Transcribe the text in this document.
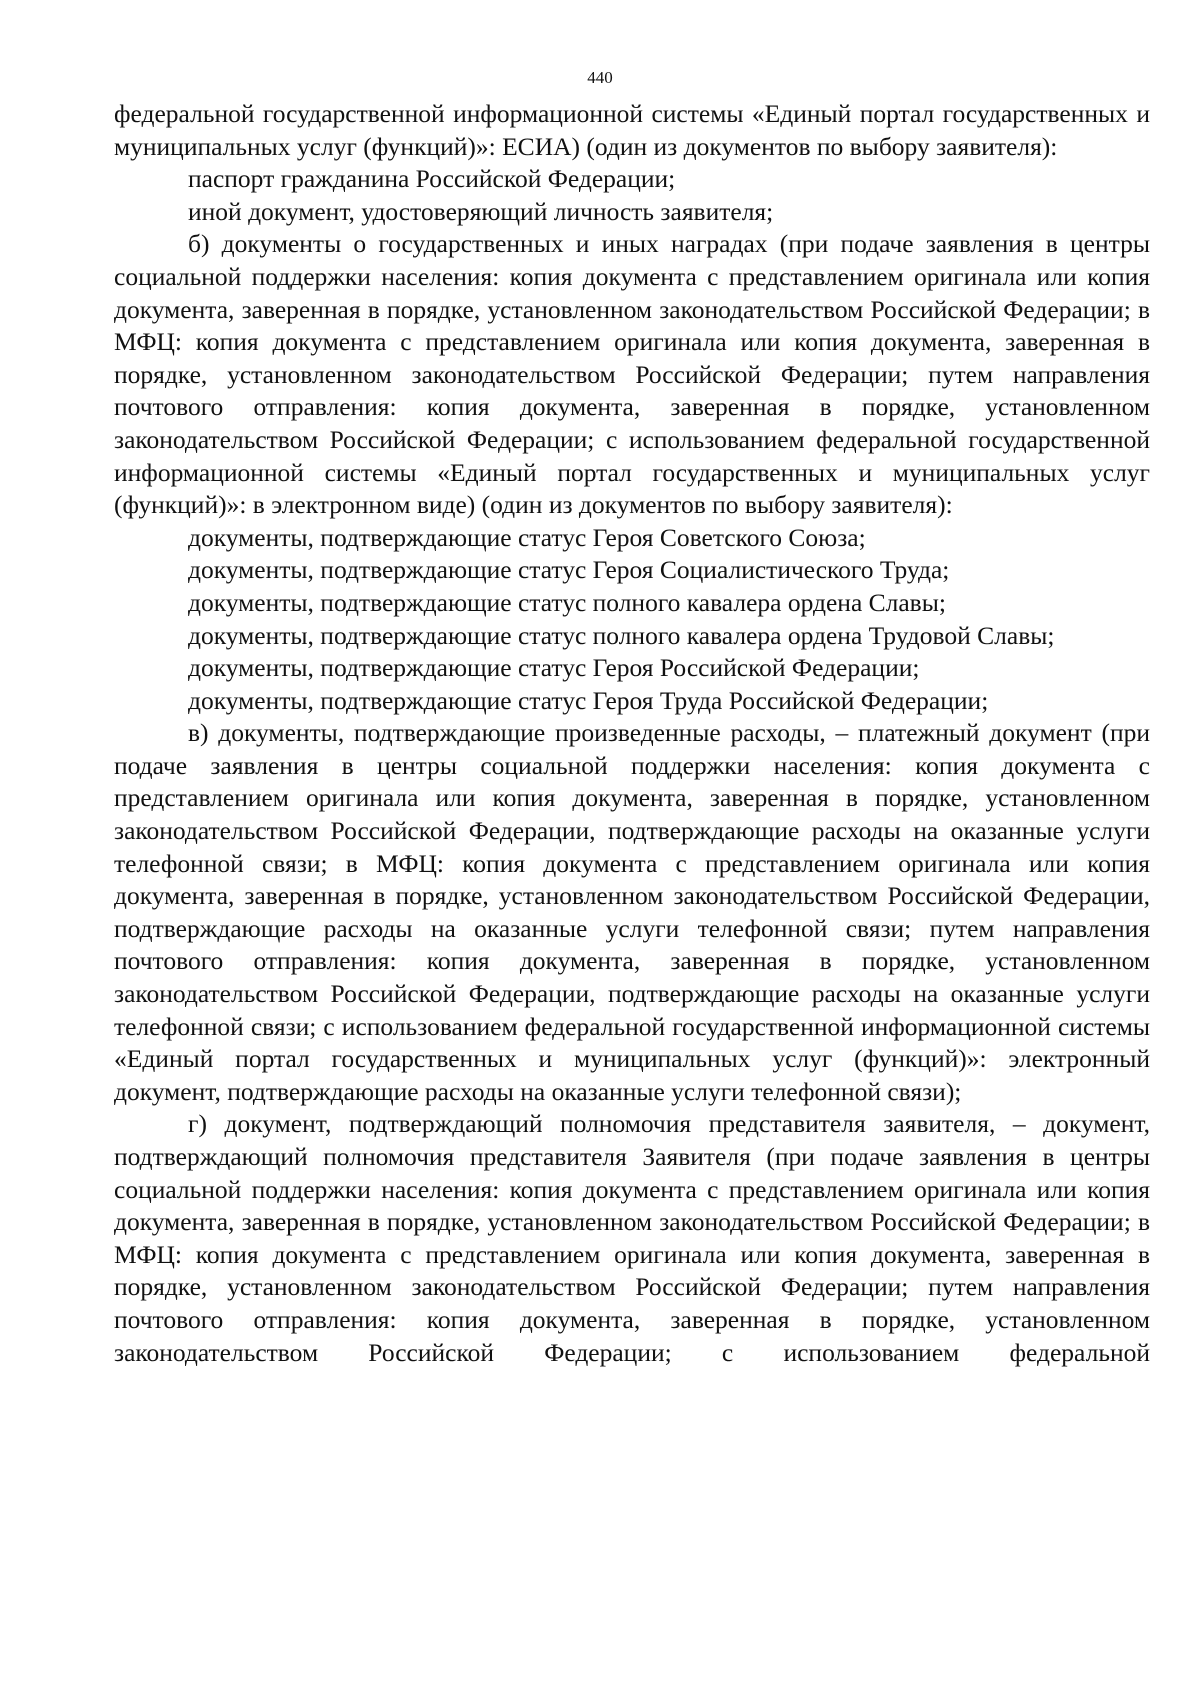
440

федеральной государственной информационной системы «Единый портал государственных и муниципальных услуг (функций)»: ЕСИА) (один из документов по выбору заявителя):

паспорт гражданина Российской Федерации;

иной документ, удостоверяющий личность заявителя;

б) документы о государственных и иных наградах (при подаче заявления в центры социальной поддержки населения: копия документа с представлением оригинала или копия документа, заверенная в порядке, установленном законодательством Российской Федерации; в МФЦ: копия документа с представлением оригинала или копия документа, заверенная в порядке, установленном законодательством Российской Федерации; путем направления почтового отправления: копия документа, заверенная в порядке, установленном законодательством Российской Федерации; с использованием федеральной государственной информационной системы «Единый портал государственных и муниципальных услуг (функций)»: в электронном виде) (один из документов по выбору заявителя):

документы, подтверждающие статус Героя Советского Союза;

документы, подтверждающие статус Героя Социалистического Труда;

документы, подтверждающие статус полного кавалера ордена Славы;

документы, подтверждающие статус полного кавалера ордена Трудовой Славы;

документы, подтверждающие статус Героя Российской Федерации;

документы, подтверждающие статус Героя Труда Российской Федерации;

в) документы, подтверждающие произведенные расходы, – платежный документ (при подаче заявления в центры социальной поддержки населения: копия документа с представлением оригинала или копия документа, заверенная в порядке, установленном законодательством Российской Федерации, подтверждающие расходы на оказанные услуги телефонной связи; в МФЦ: копия документа с представлением оригинала или копия документа, заверенная в порядке, установленном законодательством Российской Федерации, подтверждающие расходы на оказанные услуги телефонной связи; путем направления почтового отправления: копия документа, заверенная в порядке, установленном законодательством Российской Федерации, подтверждающие расходы на оказанные услуги телефонной связи; с использованием федеральной государственной информационной системы «Единый портал государственных и муниципальных услуг (функций)»: электронный документ, подтверждающие расходы на оказанные услуги телефонной связи);

г) документ, подтверждающий полномочия представителя заявителя, – документ, подтверждающий полномочия представителя Заявителя (при подаче заявления в центры социальной поддержки населения: копия документа с представлением оригинала или копия документа, заверенная в порядке, установленном законодательством Российской Федерации; в МФЦ: копия документа с представлением оригинала или копия документа, заверенная в порядке, установленном законодательством Российской Федерации; путем направления почтового отправления: копия документа, заверенная в порядке, установленном законодательством Российской Федерации; с использованием федеральной
